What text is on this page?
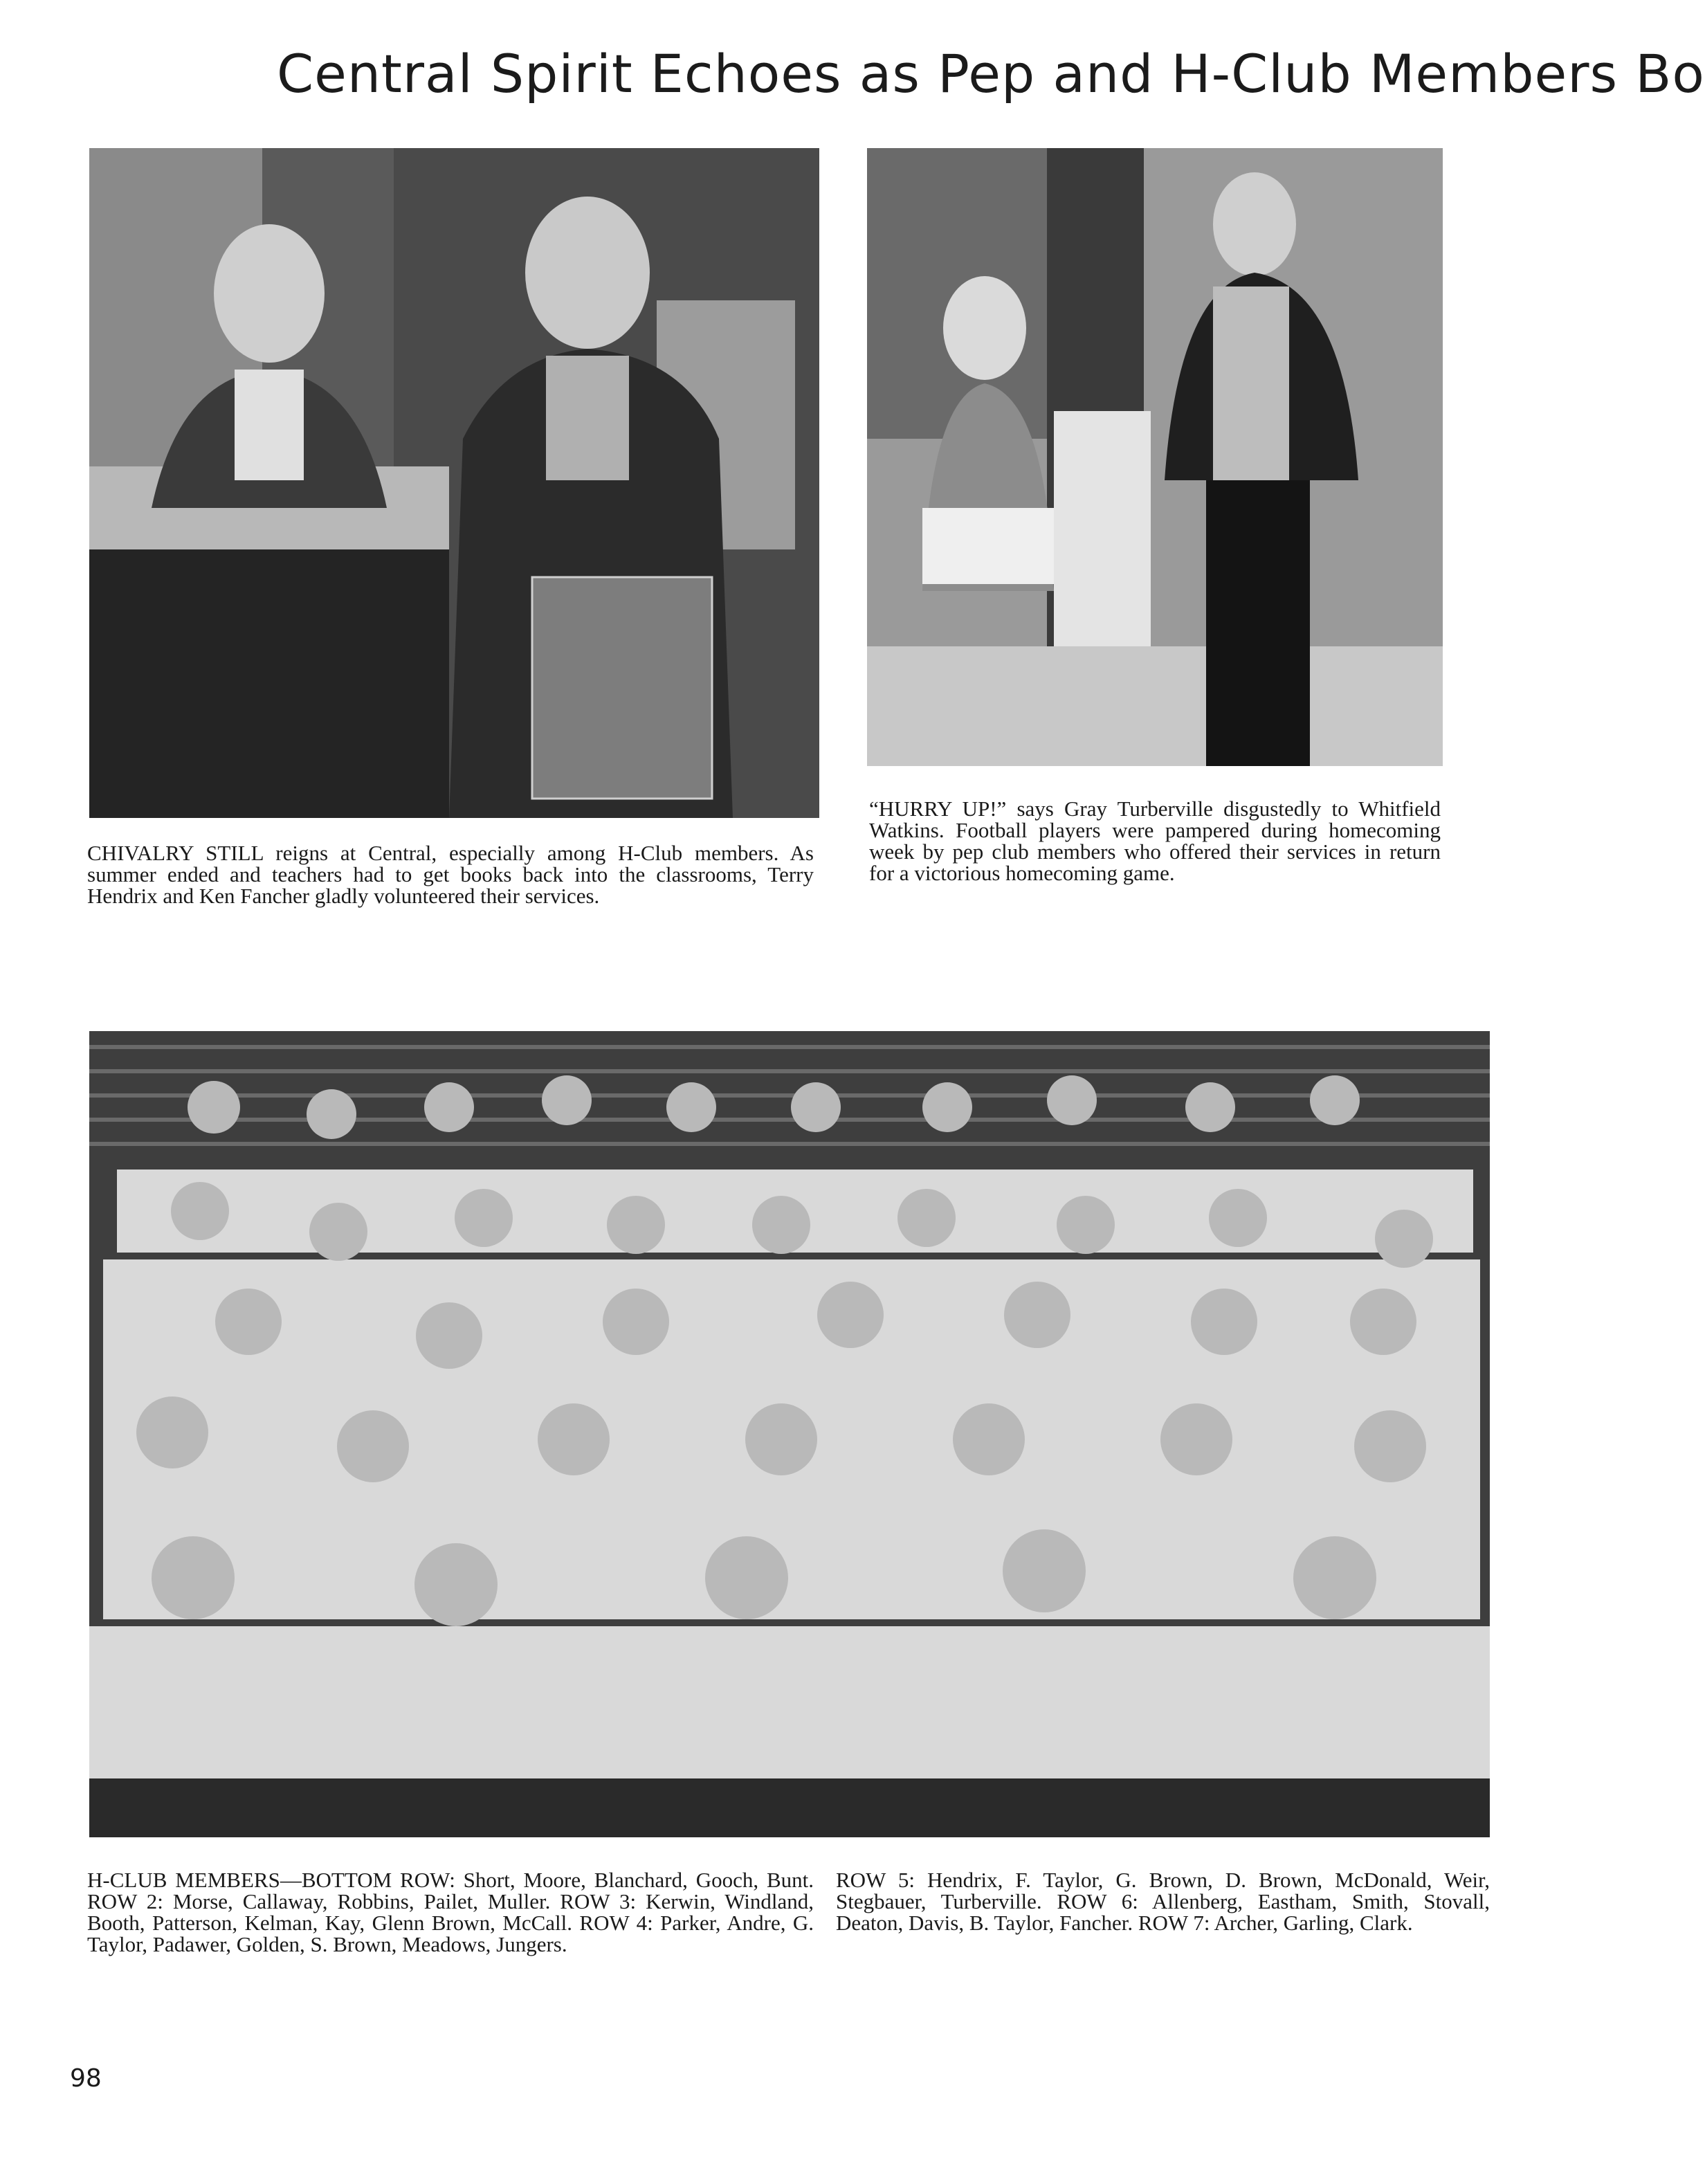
Central Spirit Echoes as Pep and H-Club Members Bo
CHIVALRY STILL reigns at Central, especially among H-Club members. As summer ended and teachers had to get books back into the classrooms, Terry Hendrix and Ken Fancher gladly volunteered their services.
“HURRY UP!” says Gray Turberville disgustedly to Whitfield Watkins. Football players were pampered during homecoming week by pep club members who offered their services in return for a victorious homecoming game.
H-CLUB MEMBERS—BOTTOM ROW: Short, Moore, Blanchard, Gooch, Bunt. ROW 2: Morse, Callaway, Robbins, Pailet, Muller. ROW 3: Kerwin, Windland, Booth, Patterson, Kelman, Kay, Glenn Brown, McCall. ROW 4: Parker, Andre, G. Taylor, Padawer, Golden, S. Brown, Meadows, Jungers.
ROW 5: Hendrix, F. Taylor, G. Brown, D. Brown, McDonald, Weir, Stegbauer, Turberville. ROW 6: Allenberg, Eastham, Smith, Stovall, Deaton, Davis, B. Taylor, Fancher. ROW 7: Archer, Garling, Clark.
98
